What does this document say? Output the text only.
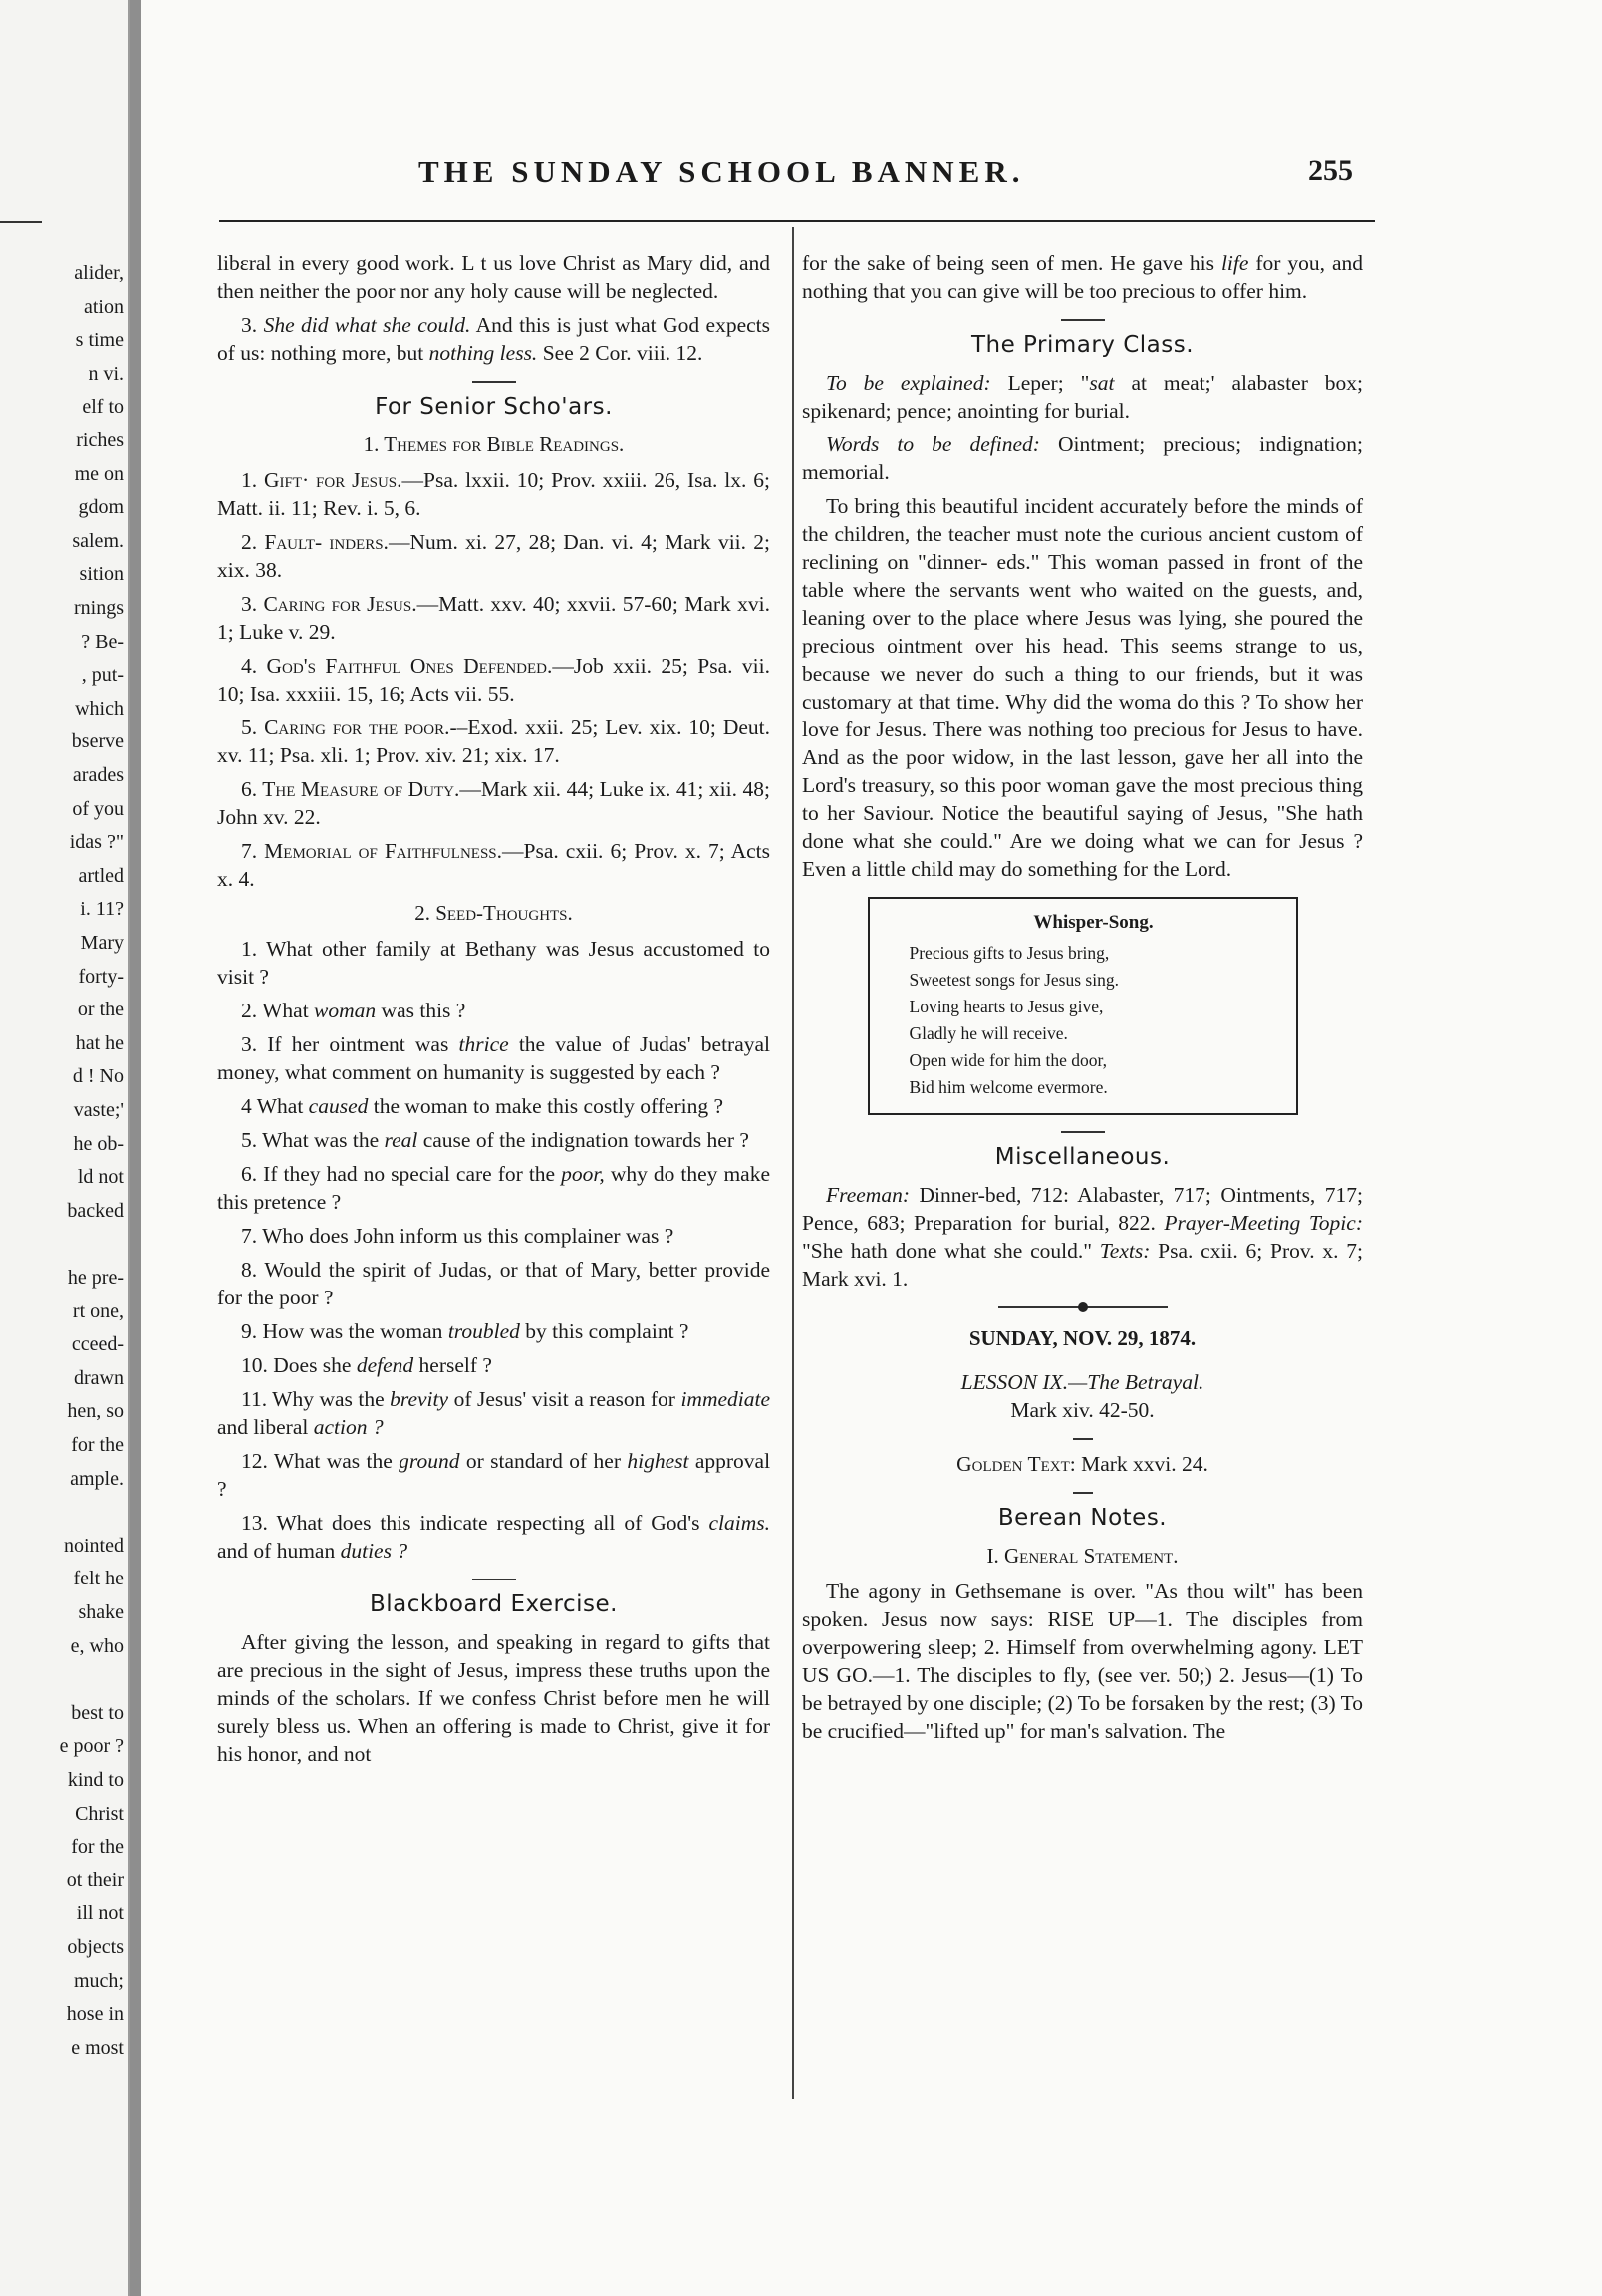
alider,
ation
s time
n vi.
elf to
riches
me on
gdom
salem.
sition
rnings
? Be-
, put-
which
bserve
arades
of you
idas ?"
artled
i. 11?
Mary
forty-
or the
hat he
d ! No
vaste;'
he ob-
ld not
backed
he pre-
rt one,
cceed-
drawn
hen, so
for the
ample.
nointed
felt he
shake
e, who
best to
e poor ?
kind to
Christ
for the
ot their
ill not
objects
much;
hose in
e most
THE SUNDAY SCHOOL BANNER.	255

libɛral in every good work. L t us love Christ as Mary did, and then neither the poor nor any holy cause will be neglected.

3. She did what she could. And this is just what God expects of us: nothing more, but nothing less. See 2 Cor. viii. 12.

For Senior Scho'ars.
1. Themes for Bible Readings.

1. Gift· for Jesus.—Psa. lxxii. 10; Prov. xxiii. 26, Isa. lx. 6; Matt. ii. 11; Rev. i. 5, 6.

2. Fault- inders.—Num. xi. 27, 28; Dan. vi. 4; Mark vii. 2; xix. 38.

3. Caring for Jesus.—Matt. xxv. 40; xxvii. 57-60; Mark xvi. 1; Luke v. 29.

4. God's Faithful Ones Defended.—Job xxii. 25; Psa. vii. 10; Isa. xxxiii. 15, 16; Acts vii. 55.

5. Caring for the poor.-–Exod. xxii. 25; Lev. xix. 10; Deut. xv. 11; Psa. xli. 1; Prov. xiv. 21; xix. 17.

6. The Measure of Duty.—Mark xii. 44; Luke ix. 41; xii. 48; John xv. 22.

7. Memorial of Faithfulness.—Psa. cxii. 6; Prov. x. 7; Acts x. 4.

2. Seed-Thoughts.

1. What other family at Bethany was Jesus accustomed to visit ?

2. What woman was this ?

3. If her ointment was thrice the value of Judas' betrayal money, what comment on humanity is suggested by each ?

4 What caused the woman to make this costly offering ?

5. What was the real cause of the indignation towards her ?

6. If they had no special care for the poor, why do they make this pretence ?

7. Who does John inform us this complainer was ?

8. Would the spirit of Judas, or that of Mary, better provide for the poor ?

9. How was the woman troubled by this complaint ?

10. Does she defend herself ?

11. Why was the brevity of Jesus' visit a reason for immediate and liberal action ?

12. What was the ground or standard of her highest approval ?

13. What does this indicate respecting all of God's claims. and of human duties ?

Blackboard Exercise.

After giving the lesson, and speaking in regard to gifts that are precious in the sight of Jesus, impress these truths upon the minds of the scholars. If we confess Christ before men he will surely bless us. When an offering is made to Christ, give it for his honor, and not

for the sake of being seen of men. He gave his life for you, and nothing that you can give will be too precious to offer him.

The Primary Class.

To be explained: Leper; "sat at meat;' alabaster box; spikenard; pence; anointing for burial.

Words to be defined: Ointment; precious; indignation; memorial.

To bring this beautiful incident accurately before the minds of the children, the teacher must note the curious ancient custom of reclining on "dinner- eds." This woman passed in front of the table where the servants went who waited on the guests, and, leaning over to the place where Jesus was lying, she poured the precious ointment over his head. This seems strange to us, because we never do such a thing to our friends, but it was customary at that time. Why did the woma do this ? To show her love for Jesus. There was nothing too precious for Jesus to have. And as the poor widow, in the last lesson, gave her all into the Lord's treasury, so this poor woman gave the most precious thing to her Saviour. Notice the beautiful saying of Jesus, "She hath done what she could." Are we doing what we can for Jesus ? Even a little child may do something for the Lord.

Whisper-Song.
Precious gifts to Jesus bring,
Sweetest songs for Jesus sing.
Loving hearts to Jesus give,
Gladly he will receive.
Open wide for him the door,
Bid him welcome evermore.
Miscellaneous.

Freeman: Dinner-bed, 712: Alabaster, 717; Ointments, 717; Pence, 683; Preparation for burial, 822. Prayer-Meeting Topic: "She hath done what she could." Texts: Psa. cxii. 6; Prov. x. 7; Mark xvi. 1.

SUNDAY, NOV. 29, 1874.
LESSON IX.—The Betrayal.
Mark xiv. 42-50.
Golden Text: Mark xxvi. 24.
Berean Notes.
I. General Statement.

The agony in Gethsemane is over. "As thou wilt" has been spoken. Jesus now says: RISE UP—1. The disciples from overpowering sleep; 2. Himself from overwhelming agony. LET US GO.—1. The disciples to fly, (see ver. 50;) 2. Jesus—(1) To be betrayed by one disciple; (2) To be forsaken by the rest; (3) To be crucified—"lifted up" for man's salvation. The
